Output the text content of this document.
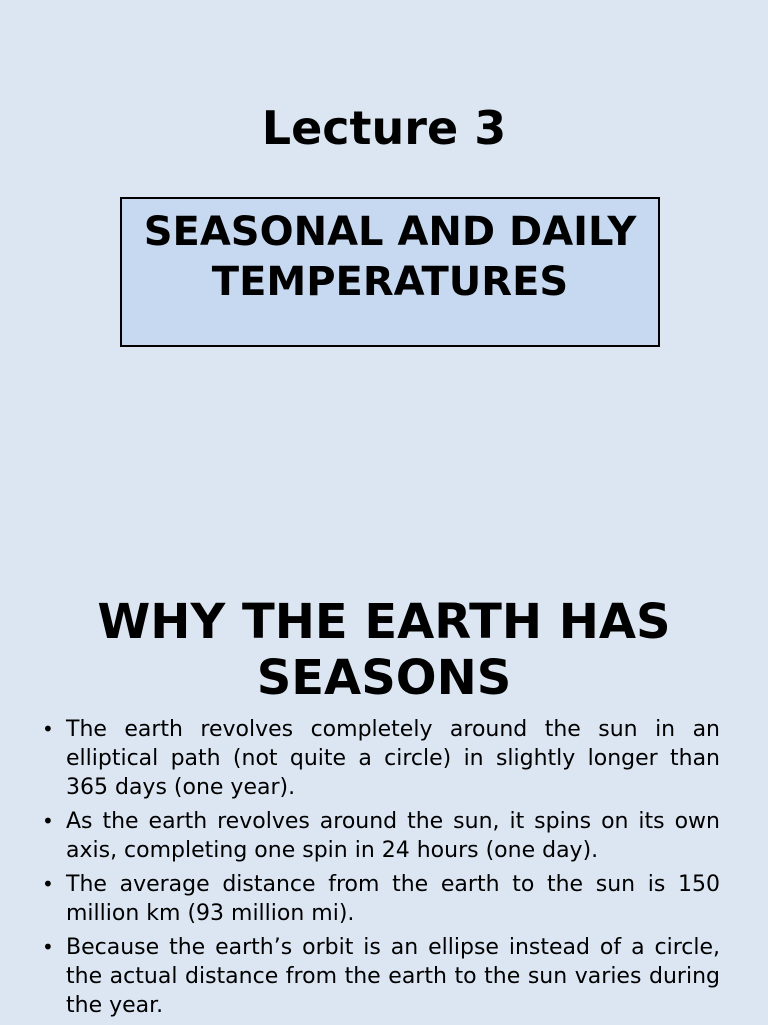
Lecture 3
SEASONAL AND DAILY TEMPERATURES
WHY THE EARTH HAS SEASONS
• The earth revolves completely around the sun in an elliptical path (not quite a circle) in slightly longer than 365 days (one year).
• As the earth revolves around the sun, it spins on its own axis, completing one spin in 24 hours (one day).
• The average distance from the earth to the sun is 150 million km (93 million mi).
• Because the earth’s orbit is an ellipse instead of a circle, the actual distance from the earth to the sun varies during the year.
